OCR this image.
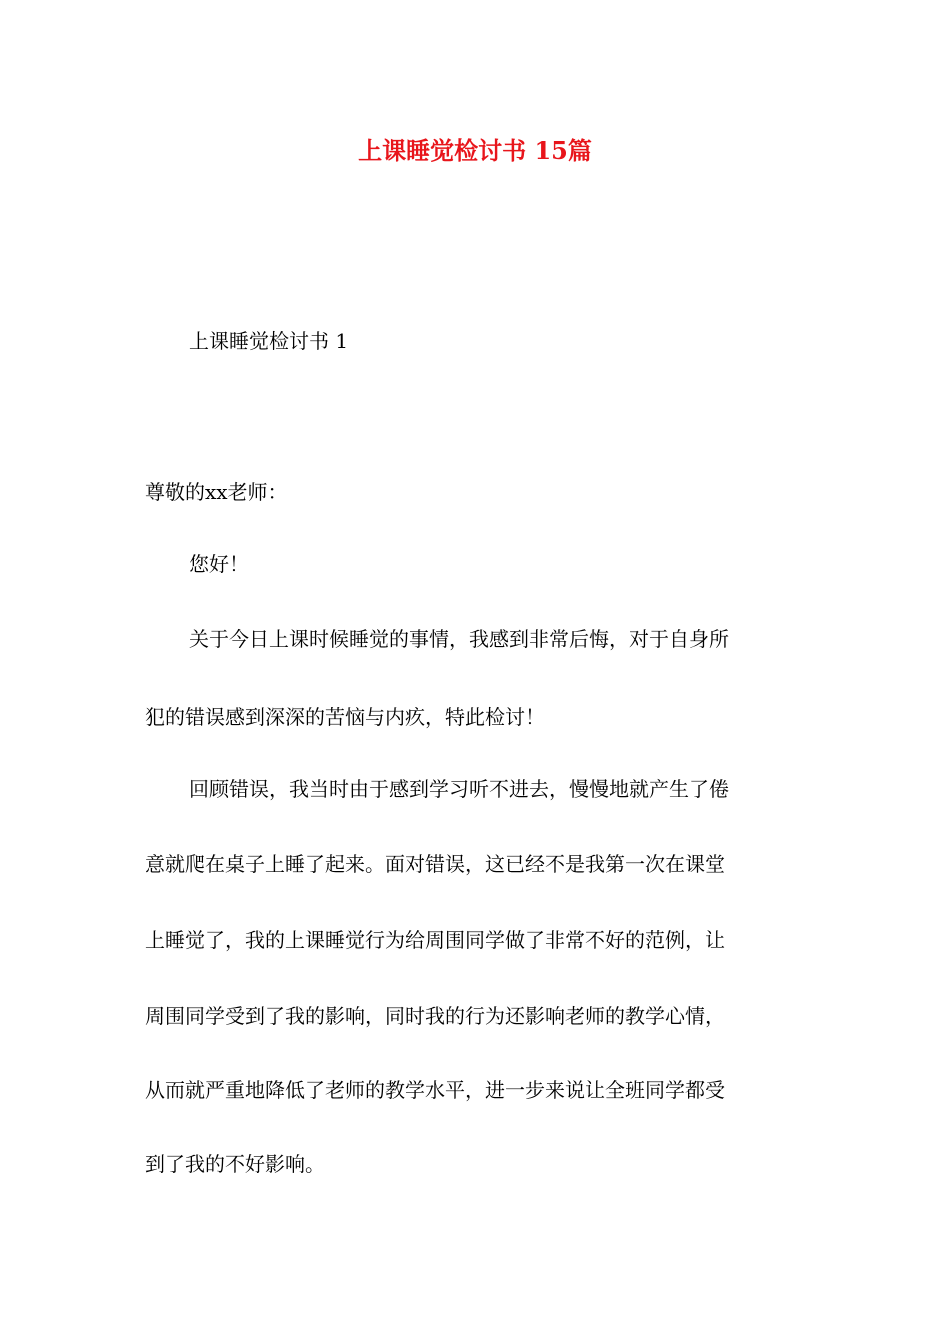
上课睡觉检讨书 15篇
上课睡觉检讨书 1
尊敬的xx老师：
您好！
关于今日上课时候睡觉的事情，我感到非常后悔，对于自身所
犯的错误感到深深的苦恼与内疚，特此检讨！
回顾错误，我当时由于感到学习听不进去，慢慢地就产生了倦
意就爬在桌子上睡了起来。面对错误，这已经不是我第一次在课堂
上睡觉了，我的上课睡觉行为给周围同学做了非常不好的范例，让
周围同学受到了我的影响，同时我的行为还影响老师的教学心情，
从而就严重地降低了老师的教学水平，进一步来说让全班同学都受
到了我的不好影响。
